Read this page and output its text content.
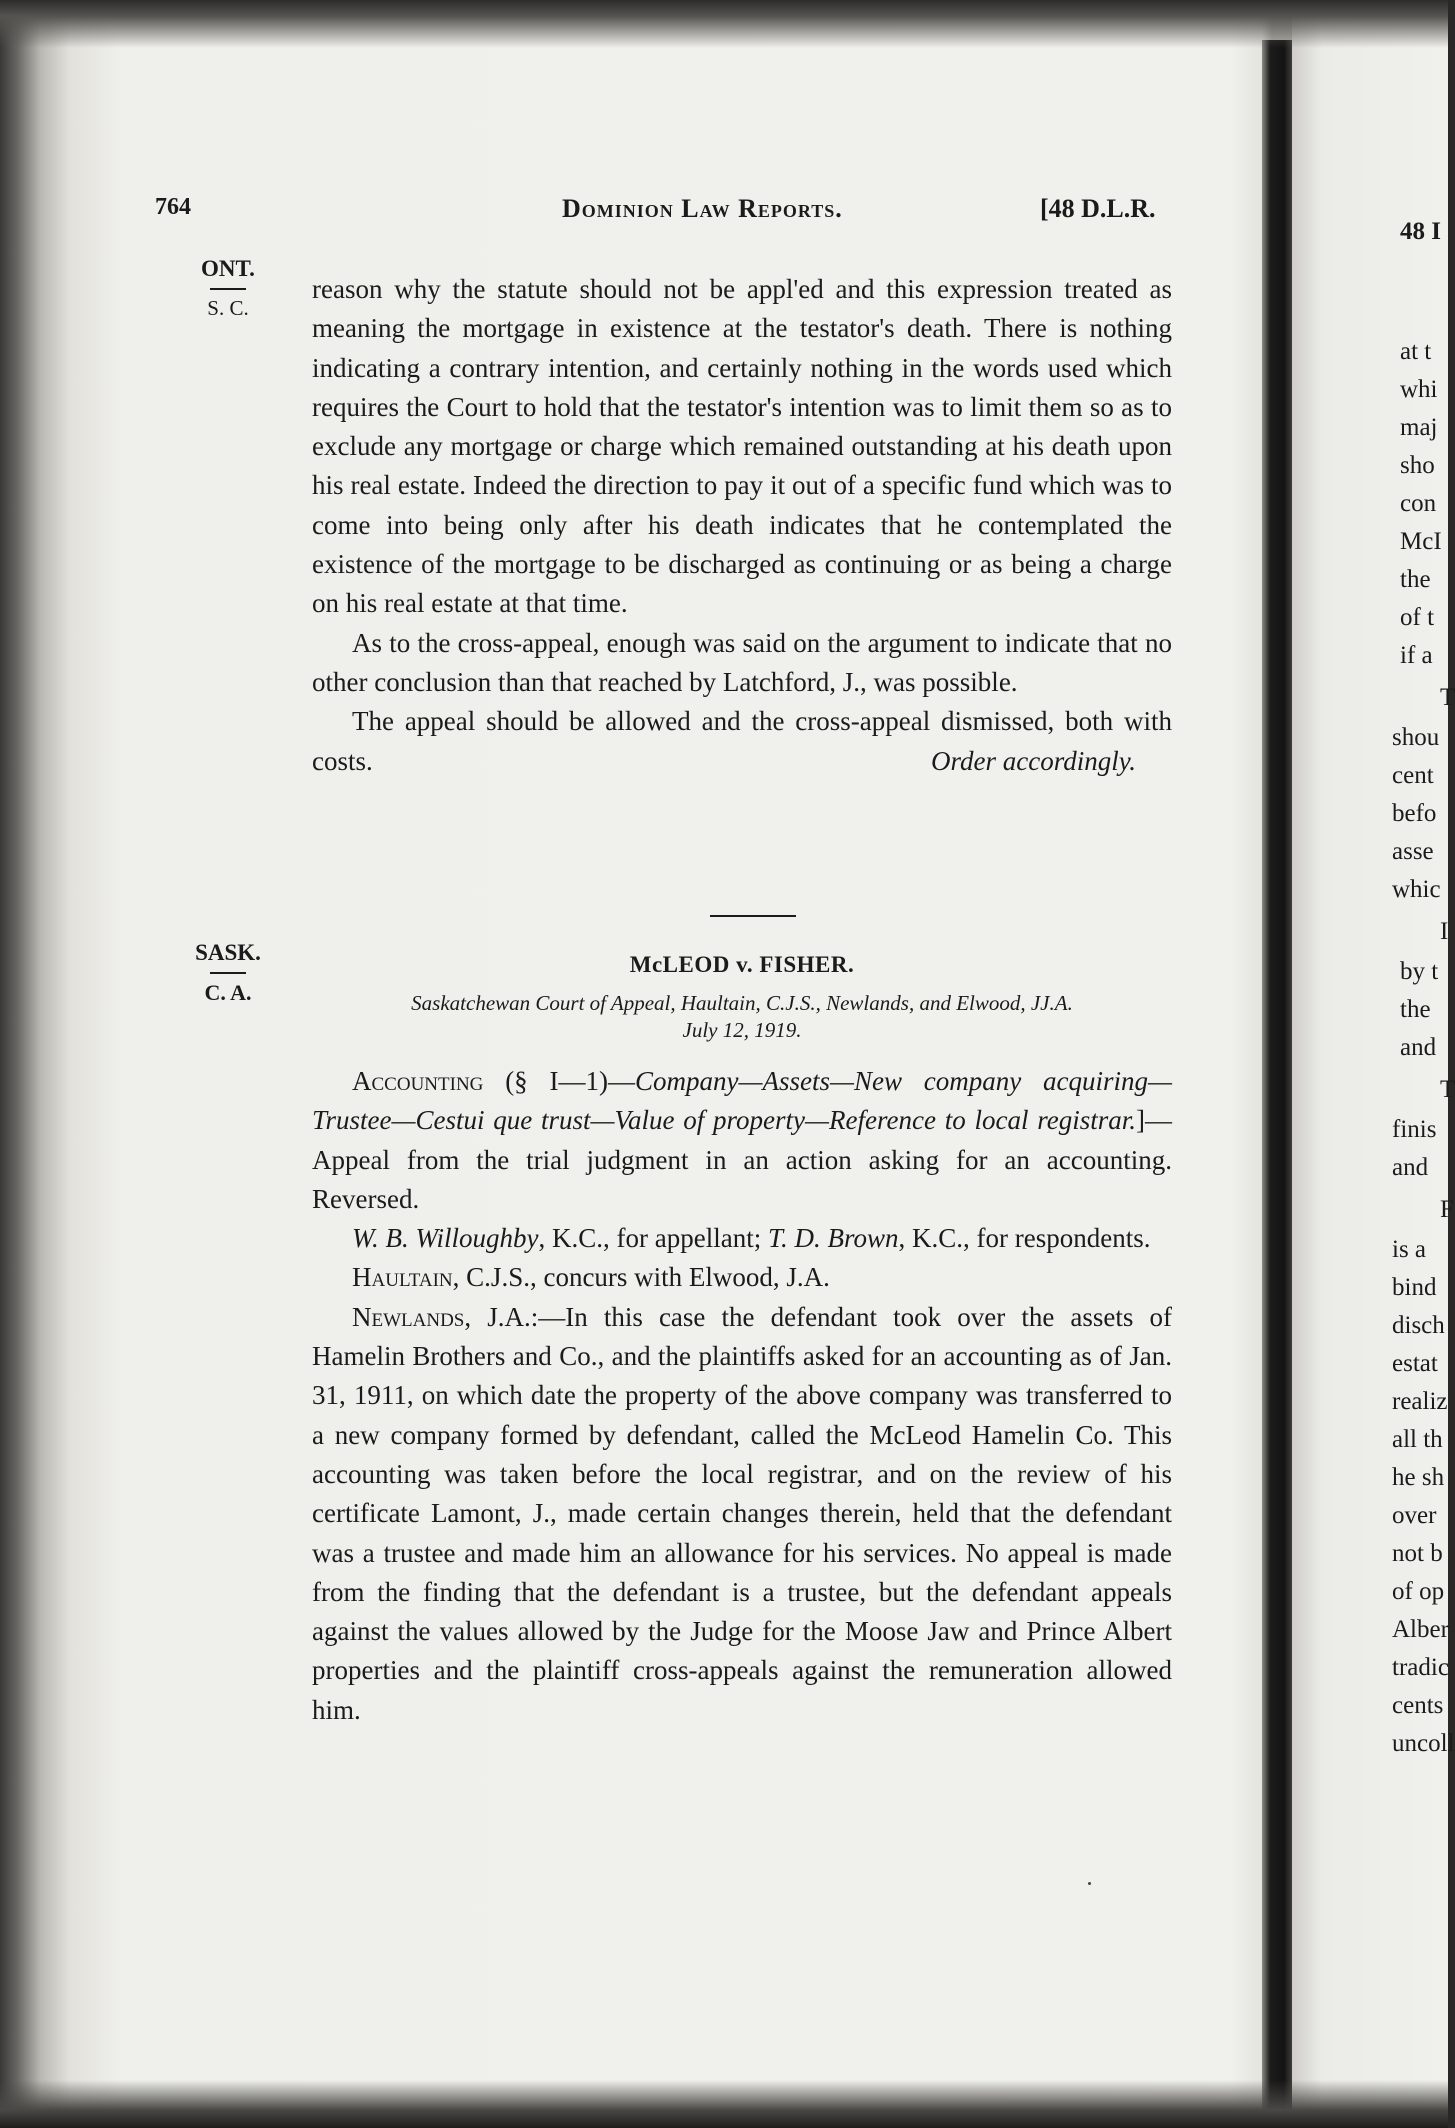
764	Dominion Law Reports.	[48 D.L.R.
ONT.
S. C.

reason why the statute should not be appl'ed and this expression treated as meaning the mortgage in existence at the testator's death. There is nothing indicating a contrary intention, and certainly nothing in the words used which requires the Court to hold that the testator's intention was to limit them so as to exclude any mortgage or charge which remained outstanding at his death upon his real estate. Indeed the direction to pay it out of a specific fund which was to come into being only after his death indicates that he contemplated the existence of the mortgage to be discharged as continuing or as being a charge on his real estate at that time.

As to the cross-appeal, enough was said on the argument to indicate that no other conclusion than that reached by Latchford, J., was possible.

The appeal should be allowed and the cross-appeal dismissed, both with costs.	Order accordingly.

SASK.
C. A.
McLEOD v. FISHER.
Saskatchewan Court of Appeal, Haultain, C.J.S., Newlands, and Elwood, JJ.A.
July 12, 1919.

Accounting (§ I—1)—Company—Assets—New company acquiring—Trustee—Cestui que trust—Value of property—Reference to local registrar.]—Appeal from the trial judgment in an action asking for an accounting. Reversed.

W. B. Willoughby, K.C., for appellant; T. D. Brown, K.C., for respondents.

Haultain, C.J.S., concurs with Elwood, J.A.

Newlands, J.A.:—In this case the defendant took over the assets of Hamelin Brothers and Co., and the plaintiffs asked for an accounting as of Jan. 31, 1911, on which date the property of the above company was transferred to a new company formed by defendant, called the McLeod Hamelin Co. This accounting was taken before the local registrar, and on the review of his certificate Lamont, J., made certain changes therein, held that the defendant was a trustee and made him an allowance for his services. No appeal is made from the finding that the defendant is a trustee, but the defendant appeals against the values allowed by the Judge for the Moose Jaw and Prince Albert properties and the plaintiff cross-appeals against the remuneration allowed him.

48 I
at t
whi
maj
sho
con
McI
the
of t
if a
T
shou
cent
befo
asse
whic
I
by t
the
and
T
finis
and
F
is a
bind
disch
estat
realiz
all th
he sh
over
not b
of op
Alber
tradic
cents
uncoll
